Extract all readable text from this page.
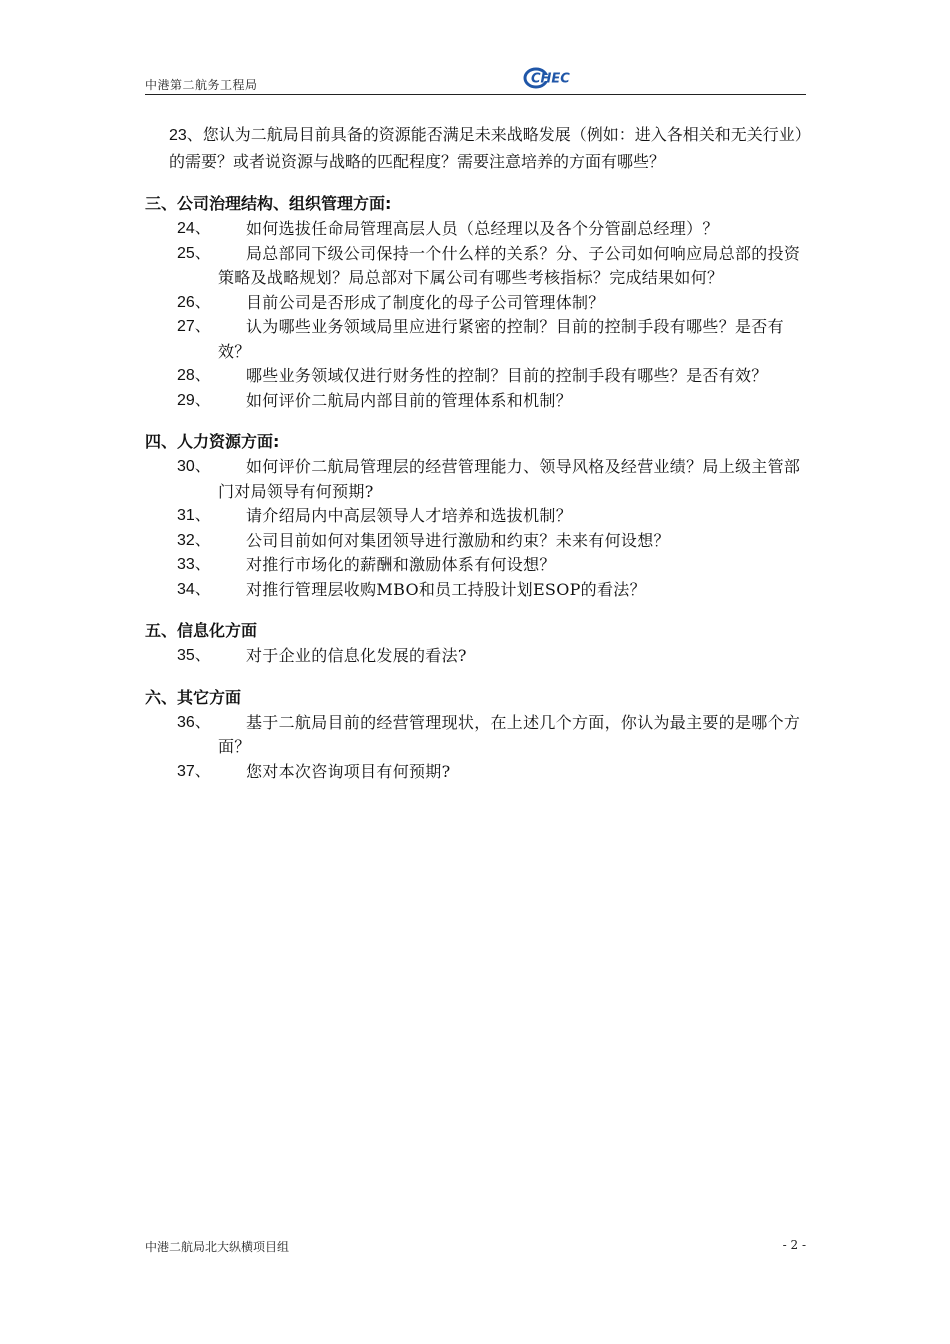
中港第二航务工程局	CHEC
23、您认为二航局目前具备的资源能否满足未来战略发展（例如：进入各相关和无关行业）的需要？或者说资源与战略的匹配程度？需要注意培养的方面有哪些？
三、公司治理结构、组织管理方面:
24、	如何选拔任命局管理高层人员（总经理以及各个分管副总经理）？
25、	局总部同下级公司保持一个什么样的关系？分、子公司如何响应局总部的投资策略及战略规划？局总部对下属公司有哪些考核指标？完成结果如何？
26、	目前公司是否形成了制度化的母子公司管理体制？
27、	认为哪些业务领域局里应进行紧密的控制？目前的控制手段有哪些？是否有效？
28、	哪些业务领域仅进行财务性的控制？目前的控制手段有哪些？是否有效？
29、	如何评价二航局内部目前的管理体系和机制？
四、人力资源方面:
30、	如何评价二航局管理层的经营管理能力、领导风格及经营业绩？局上级主管部门对局领导有何预期?
31、	请介绍局内中高层领导人才培养和选拔机制？
32、	公司目前如何对集团领导进行激励和约束？未来有何设想？
33、	对推行市场化的薪酬和激励体系有何设想？
34、	对推行管理层收购MBO和员工持股计划ESOP的看法？
五、信息化方面
35、	对于企业的信息化发展的看法?
六、其它方面
36、	基于二航局目前的经营管理现状，在上述几个方面，你认为最主要的是哪个方面？
37、	您对本次咨询项目有何预期?
中港二航局北大纵横项目组	- 2 -
